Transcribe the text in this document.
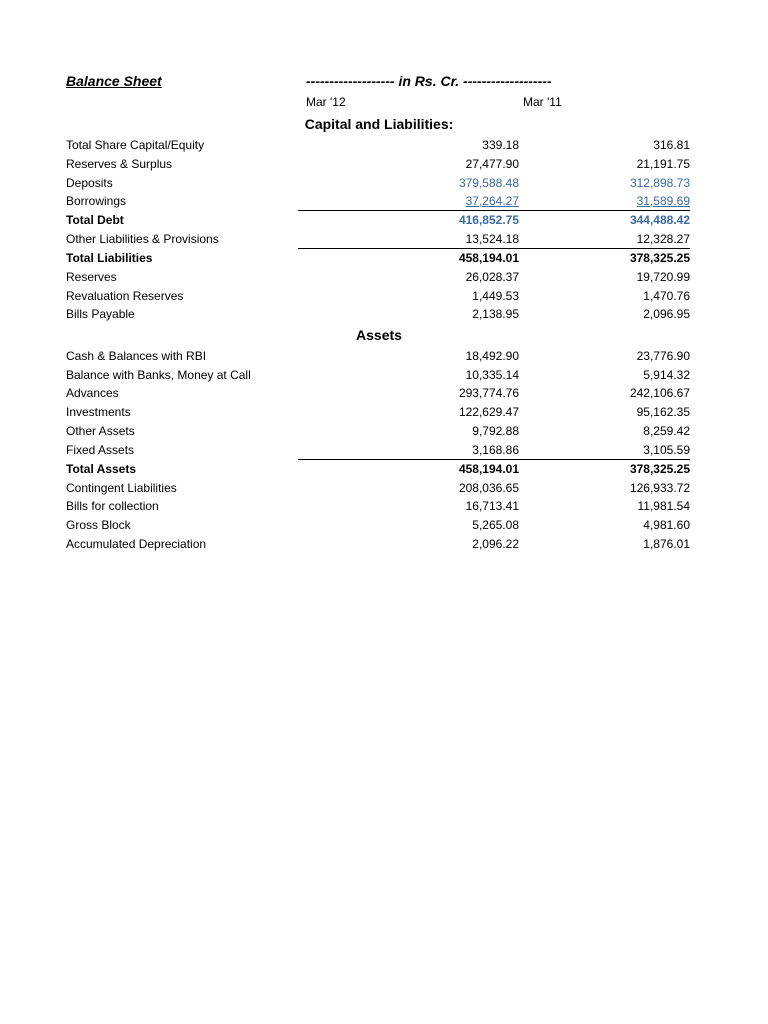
Balance Sheet	------------------- in Rs. Cr. -------------------
Mar '12	Mar '11
Capital and Liabilities:
Assets
Total Share Capital/Equity	339.18	316.81
Reserves & Surplus	27,477.90	21,191.75
Deposits	379,588.48	312,898.73
Borrowings	37,264.27	31,589.69
Total Debt	416,852.75	344,488.42
Other Liabilities & Provisions	13,524.18	12,328.27
Total Liabilities	458,194.01	378,325.25
Reserves	26,028.37	19,720.99
Revaluation Reserves	1,449.53	1,470.76
Bills Payable	2,138.95	2,096.95
Cash & Balances with RBI	18,492.90	23,776.90
Balance with Banks, Money at Call	10,335.14	5,914.32
Advances	293,774.76	242,106.67
Investments	122,629.47	95,162.35
Other Assets	9,792.88	8,259.42
Fixed Assets	3,168.86	3,105.59
Total Assets	458,194.01	378,325.25
Contingent Liabilities	208,036.65	126,933.72
Bills for collection	16,713.41	11,981.54
Gross Block	5,265.08	4,981.60
Accumulated Depreciation	2,096.22	1,876.01
